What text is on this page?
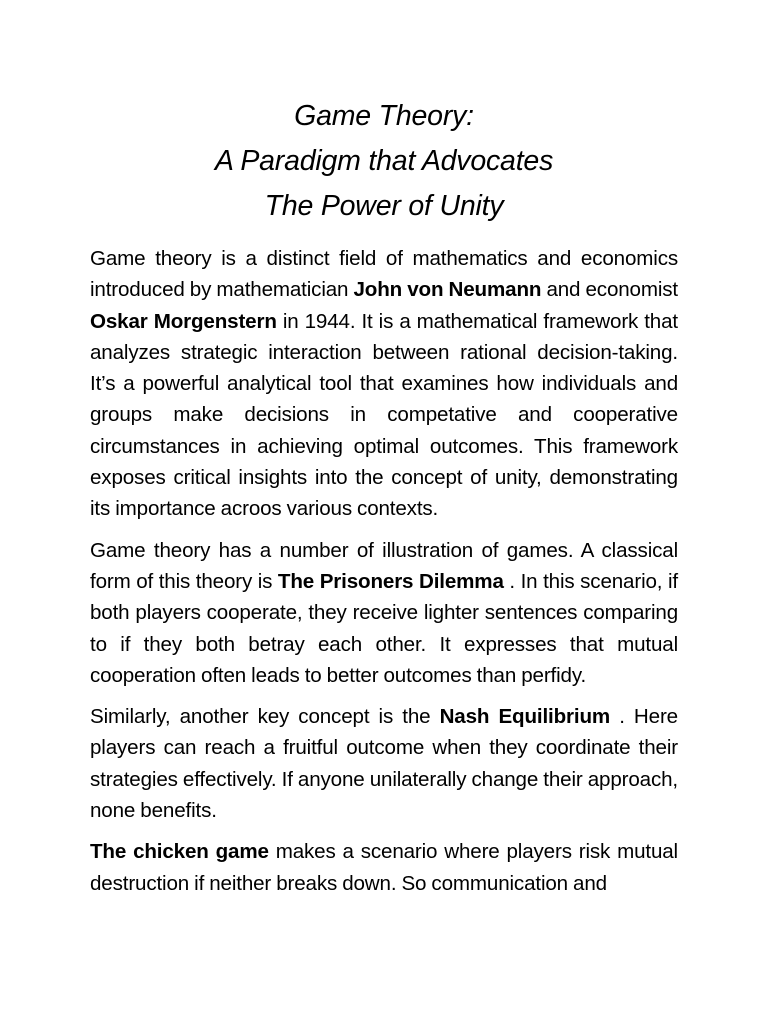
Game Theory:
A Paradigm that Advocates
The Power of Unity

Game theory is a distinct field of mathematics and economics introduced by mathematician John von Neumann and economist Oskar Morgenstern in 1944. It is a mathematical framework that analyzes strategic interaction between rational decision-taking. It’s a powerful analytical tool that examines how individuals and groups make decisions in competative and cooperative circumstances in achieving optimal outcomes. This framework exposes critical insights into the concept of unity, demonstrating its importance acroos various contexts.

Game theory has a number of illustration of games. A classical form of this theory is The Prisoners Dilemma . In this scenario, if both players cooperate, they receive lighter sentences comparing to if they both betray each other. It expresses that mutual cooperation often leads to better outcomes than perfidy.

Similarly, another key concept is the Nash Equilibrium . Here players can reach a fruitful outcome when they coordinate their strategies effectively. If anyone unilaterally change their approach, none benefits.

The chicken game makes a scenario where players risk mutual destruction if neither breaks down. So communication and
